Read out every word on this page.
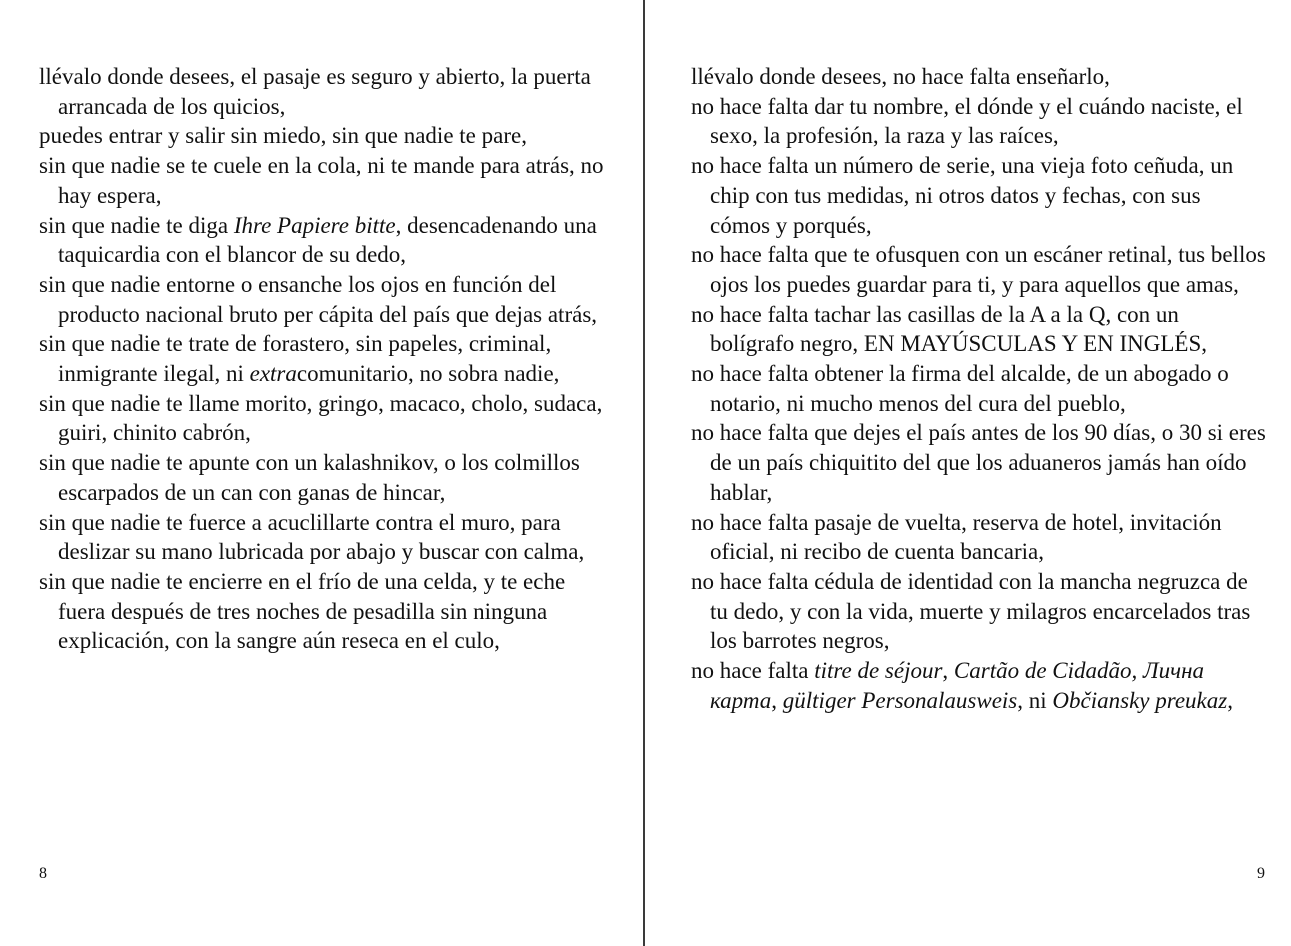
llévalo donde desees, el pasaje es seguro y abierto, la puerta arrancada de los quicios,
puedes entrar y salir sin miedo, sin que nadie te pare,
sin que nadie se te cuele en la cola, ni te mande para atrás, no hay espera,
sin que nadie te diga Ihre Papiere bitte, desencadenando una taquicardia con el blancor de su dedo,
sin que nadie entorne o ensanche los ojos en función del producto nacional bruto per cápita del país que dejas atrás,
sin que nadie te trate de forastero, sin papeles, criminal, inmigrante ilegal, ni extracomunitario, no sobra nadie,
sin que nadie te llame morito, gringo, macaco, cholo, sudaca, guiri, chinito cabrón,
sin que nadie te apunte con un kalashnikov, o los colmillos escarpados de un can con ganas de hincar,
sin que nadie te fuerce a acuclillarte contra el muro, para deslizar su mano lubricada por abajo y buscar con calma,
sin que nadie te encierre en el frío de una celda, y te eche fuera después de tres noches de pesadilla sin ninguna explicación, con la sangre aún reseca en el culo,
8
llévalo donde desees, no hace falta enseñarlo,
no hace falta dar tu nombre, el dónde y el cuándo naciste, el sexo, la profesión, la raza y las raíces,
no hace falta un número de serie, una vieja foto ceñuda, un chip con tus medidas, ni otros datos y fechas, con sus cómos y porqués,
no hace falta que te ofusquen con un escáner retinal, tus bellos ojos los puedes guardar para ti, y para aquellos que amas,
no hace falta tachar las casillas de la A a la Q, con un bolígrafo negro, EN MAYÚSCULAS Y EN INGLÉS,
no hace falta obtener la firma del alcalde, de un abogado o notario, ni mucho menos del cura del pueblo,
no hace falta que dejes el país antes de los 90 días, o 30 si eres de un país chiquitito del que los aduaneros jamás han oído hablar,
no hace falta pasaje de vuelta, reserva de hotel, invitación oficial, ni recibo de cuenta bancaria,
no hace falta cédula de identidad con la mancha negruzca de tu dedo, y con la vida, muerte y milagros encarcelados tras los barrotes negros,
no hace falta titre de séjour, Cartão de Cidadão, Лична карта, gültiger Personalausweis, ni Občiansky preukaz,
9
